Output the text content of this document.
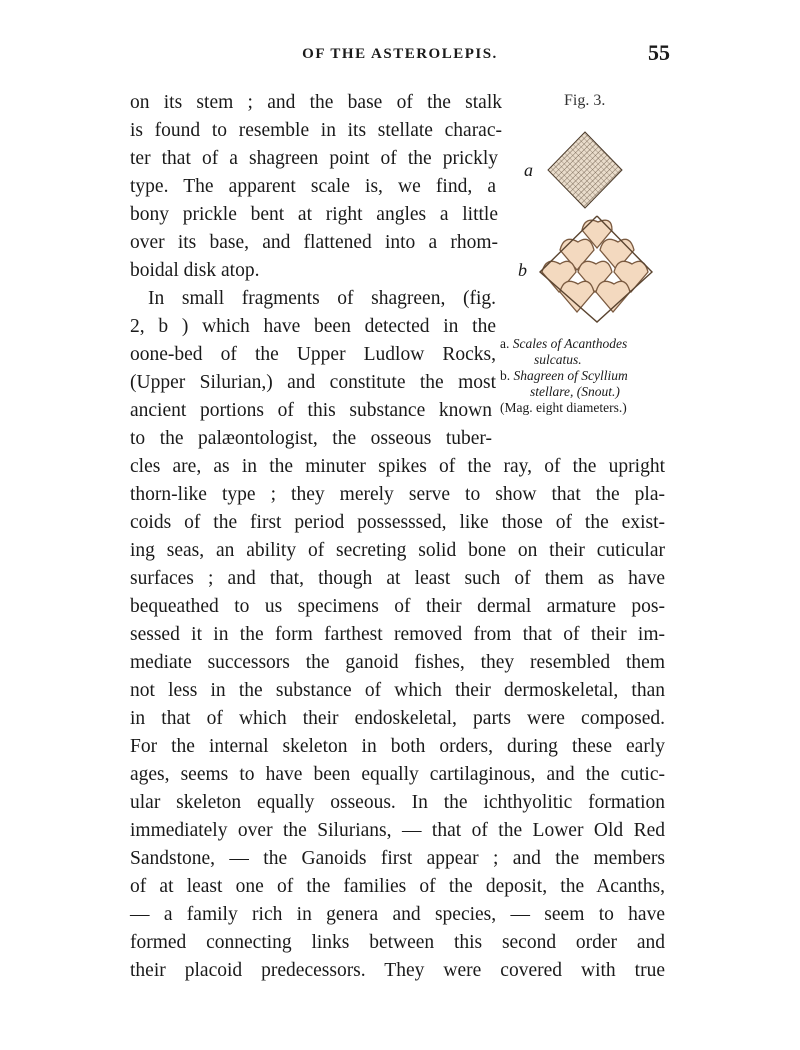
OF THE ASTEROLEPIS.	55
Fig. 3.
a
b
a. Scales of Acanthodes
sulcatus.
b. Shagreen of Scyllium
stellare, (Snout.)
(Mag. eight diameters.)
on its stem ; and the base of the stalk
is found to resemble in its stellate charac-
ter that of a shagreen point of the prickly
type. The apparent scale is, we find, a
bony prickle bent at right angles a little
over its base, and flattened into a rhom-
boidal disk atop.
In small fragments of shagreen, (fig.
2, b ) which have been detected in the
oone-bed of the Upper Ludlow Rocks,
(Upper Silurian,) and constitute the most
ancient portions of this substance known
to the palæontologist, the osseous tuber-
cles are, as in the minuter spikes of the ray, of the upright
thorn-like type ; they merely serve to show that the pla-
coids of the first period possesssed, like those of the exist-
ing seas, an ability of secreting solid bone on their cuticular
surfaces ; and that, though at least such of them as have
bequeathed to us specimens of their dermal armature pos-
sessed it in the form farthest removed from that of their im-
mediate successors the ganoid fishes, they resembled them
not less in the substance of which their dermoskeletal, than
in that of which their endoskeletal, parts were composed.
For the internal skeleton in both orders, during these early
ages, seems to have been equally cartilaginous, and the cutic-
ular skeleton equally osseous. In the ichthyolitic formation
immediately over the Silurians, — that of the Lower Old Red
Sandstone, — the Ganoids first appear ; and the members
of at least one of the families of the deposit, the Acanths,
— a family rich in genera and species, — seem to have
formed connecting links between this second order and
their placoid predecessors. They were covered with true
